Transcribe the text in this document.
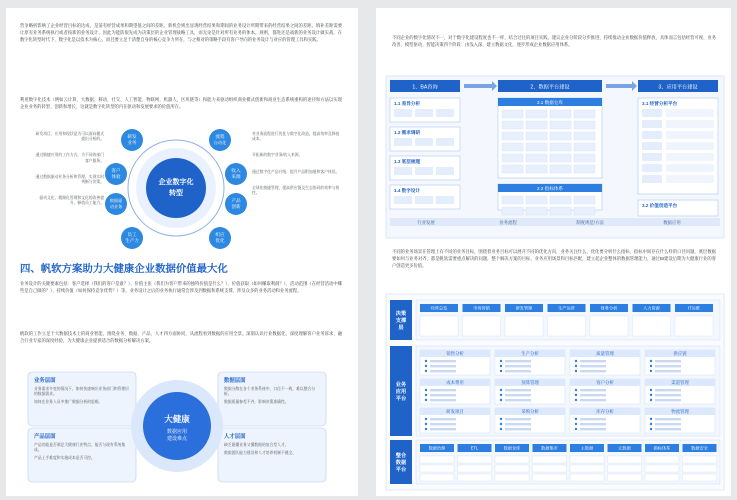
营争略析影响了企业经营目标的达成，是前有经营成果和期望值之间的差距。新机会则出显现经营结果和期间的业务设计所期带来的经营结果之间的差距。填补差距需要让原有业务系统执行或者按新的业务设计。因此为能防很先成为决策层的企业管理战略工具，而无论是针对所有业务的体本。规则，都进还是战新的业务设计做实战，在数字化转型时代下，数字化是以技术为核心，而且要立足于清楚自身的核心竞争力所在，与之相对的策略手段有客户导向的业务设计与对应的管理工具和实践。
利用数字化技术（例如云计算、大数据、移动、社交、人工智能、物联网、机器人、区块链等）和能力来驱动组织商业模式创新和商业生态系统重构的途径和方法以实现企业业务的转型、创新和增长，这就是数字化转型的内在驱动和发展要求的价值所在。
企业数字化
转型
研发
业务
客户
体验
数据驱
动业务
员工
生产力
流程
自动化
收入
来源
产品
创新
织应
优化
研发项目、应用和现状是为可以面向模式提出分析的。
通过敏捷应用的工作方式，为不同的部门客户服务。
通过数据驱动业务分析和管理，实现实时判断与决策。
驱动文化、精细化管理和文化的改善提升，释放员工能力。
对业务流程进行优化与数字化改造，提高效率及降低成本。
开拓新的数字业务/收入来源。
通过数字化产品升级，提升产品附加值和客户体验。
全球化敏捷管理，提高供应链及生态协同的效率与韧性。
四、帆软方案助力大健康企业数据价值最大化
业务设计的关键要素包括：客户选择（我们的客户是谁？）、价值主张（我们为客户带来的独特价值是什么？）、价值获取（如何赚取利润？）、活动范围（在经营活动中哪些是自己做的？）、持续价值（如何保持竞争优势？）等。业务设计之后的业务执行通常会涉及到数据和系统支撑，涉及众多的业务活动和业务流程。
帆软的工作立足于大数据技术上的商业智能，围绕业务、数据、产品、人才四方面协同，从流程看到数据的应用全景。深刻认识行业数据化，深度理解客户业务诉求，融合行业专家的深度经验，为大健康企业提供适合的数据分析解决方案。
大健康
数据应用
建设难点
业务层面
业务需求多变的情况下，如何快速响应业务部门和管理层的数据需求。
如何在业务人员中推广数据分析的思维。
数据层面
数据分散在各个业务系统中，口径不一致，难以整合分析。
数据质量参差不齐，影响决策准确性。
产品层面
产品功能是否满足大健康行业特点，能否与现有系统集成。
产品上手难度和实施成本是否可控。
人才层面
缺乏既懂业务又懂数据的复合型人才。
数据团队能力建设和人才培养机制不健全。
不同企业的数字化情况不一，对于数字化建设程度也不一样，结合过往的项目实践，建议企业分阶段分步推进，持续推动企业数据价值释放，具体而言包括经营可视、业务改善、模型驱动、智能决策四个阶段：由浅入深，建立数据文化，逐步形成企业数据应用体系。
1、BA咨询	2、数据平台建设	3、应用平台建设
1.1 差异分析
1.2 需求调研
1.3 底层梳理
1.4 数字设计
2.1 数据仓库
2.2 指标体系
3.1 经营分析平台
3.2 价值创造平台
行业发展	业务流程	制度规范/方法	数据应用
不同的业务场景在管理上有不同的业务目标，围绕着业务目标可以展开不同的优化方向，业务关注什么，优化要分析什么指标，指标中间存在什么样的口径问题，底层数据要如何与业务对齐，都是帆软需要重点解决的问题，整个解决方案的目标，业务应用场景和目标匹配，建立起企业整体的数据管理能力，通过BI建设后期为大健康行业的客户创造更多价值。
决策
支撑
层
业务
应用
平台
整合
数据
平台
经营总览	市场营销	研发管理	生产运营	财务分析	人力资源	IT运维
销售分析	生产分析	质量管理	供应链
成本费用	预算管理	客户分析	渠道管理
研发项目	采购分析	库存分析	物流管理
数据治理	ETL	数据仓库	数据集市	主数据	元数据	指标体系	数据安全
